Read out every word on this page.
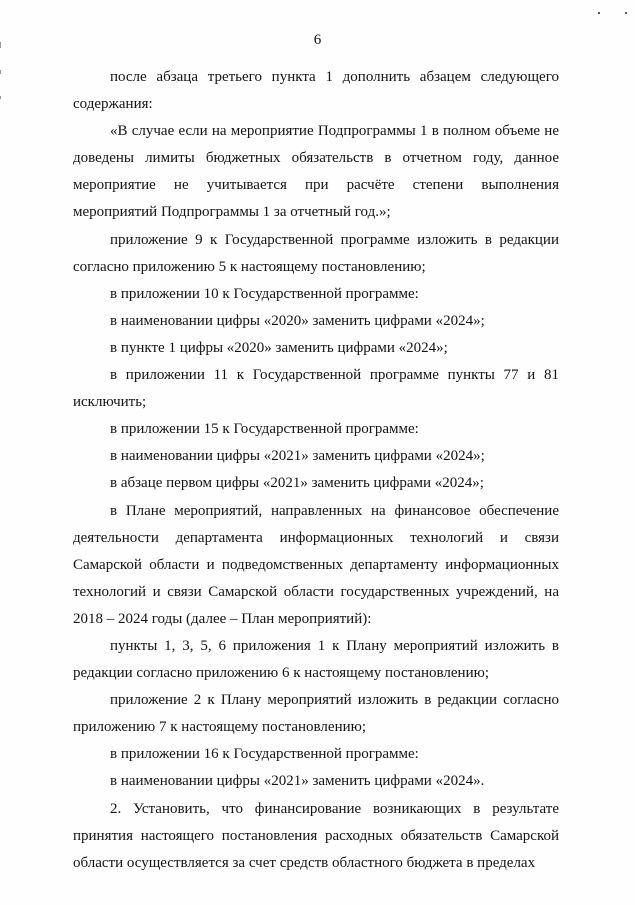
6

после абзаца третьего пункта 1 дополнить абзацем следующего содержания:

«В случае если на мероприятие Подпрограммы 1 в полном объеме не доведены лимиты бюджетных обязательств в отчетном году, данное мероприятие не учитывается при расчёте степени выполнения мероприятий Подпрограммы 1 за отчетный год.»;

приложение 9 к Государственной программе изложить в редакции согласно приложению 5 к настоящему постановлению;

в приложении 10 к Государственной программе:

в наименовании цифры «2020» заменить цифрами «2024»;

в пункте 1 цифры «2020» заменить цифрами «2024»;

в приложении 11 к Государственной программе пункты 77 и 81 исключить;

в приложении 15 к Государственной программе:

в наименовании цифры «2021» заменить цифрами «2024»;

в абзаце первом цифры «2021» заменить цифрами «2024»;

в Плане мероприятий, направленных на финансовое обеспечение деятельности департамента информационных технологий и связи Самарской области и подведомственных департаменту информационных технологий и связи Самарской области государственных учреждений, на 2018 – 2024 годы (далее – План мероприятий):

пункты 1, 3, 5, 6 приложения 1 к Плану мероприятий изложить в редакции согласно приложению 6 к настоящему постановлению;

приложение 2 к Плану мероприятий изложить в редакции согласно приложению 7 к настоящему постановлению;

в приложении 16 к Государственной программе:

в наименовании цифры «2021» заменить цифрами «2024».

2. Установить, что финансирование возникающих в результате принятия настоящего постановления расходных обязательств Самарской области осуществляется за счет средств областного бюджета в пределах
